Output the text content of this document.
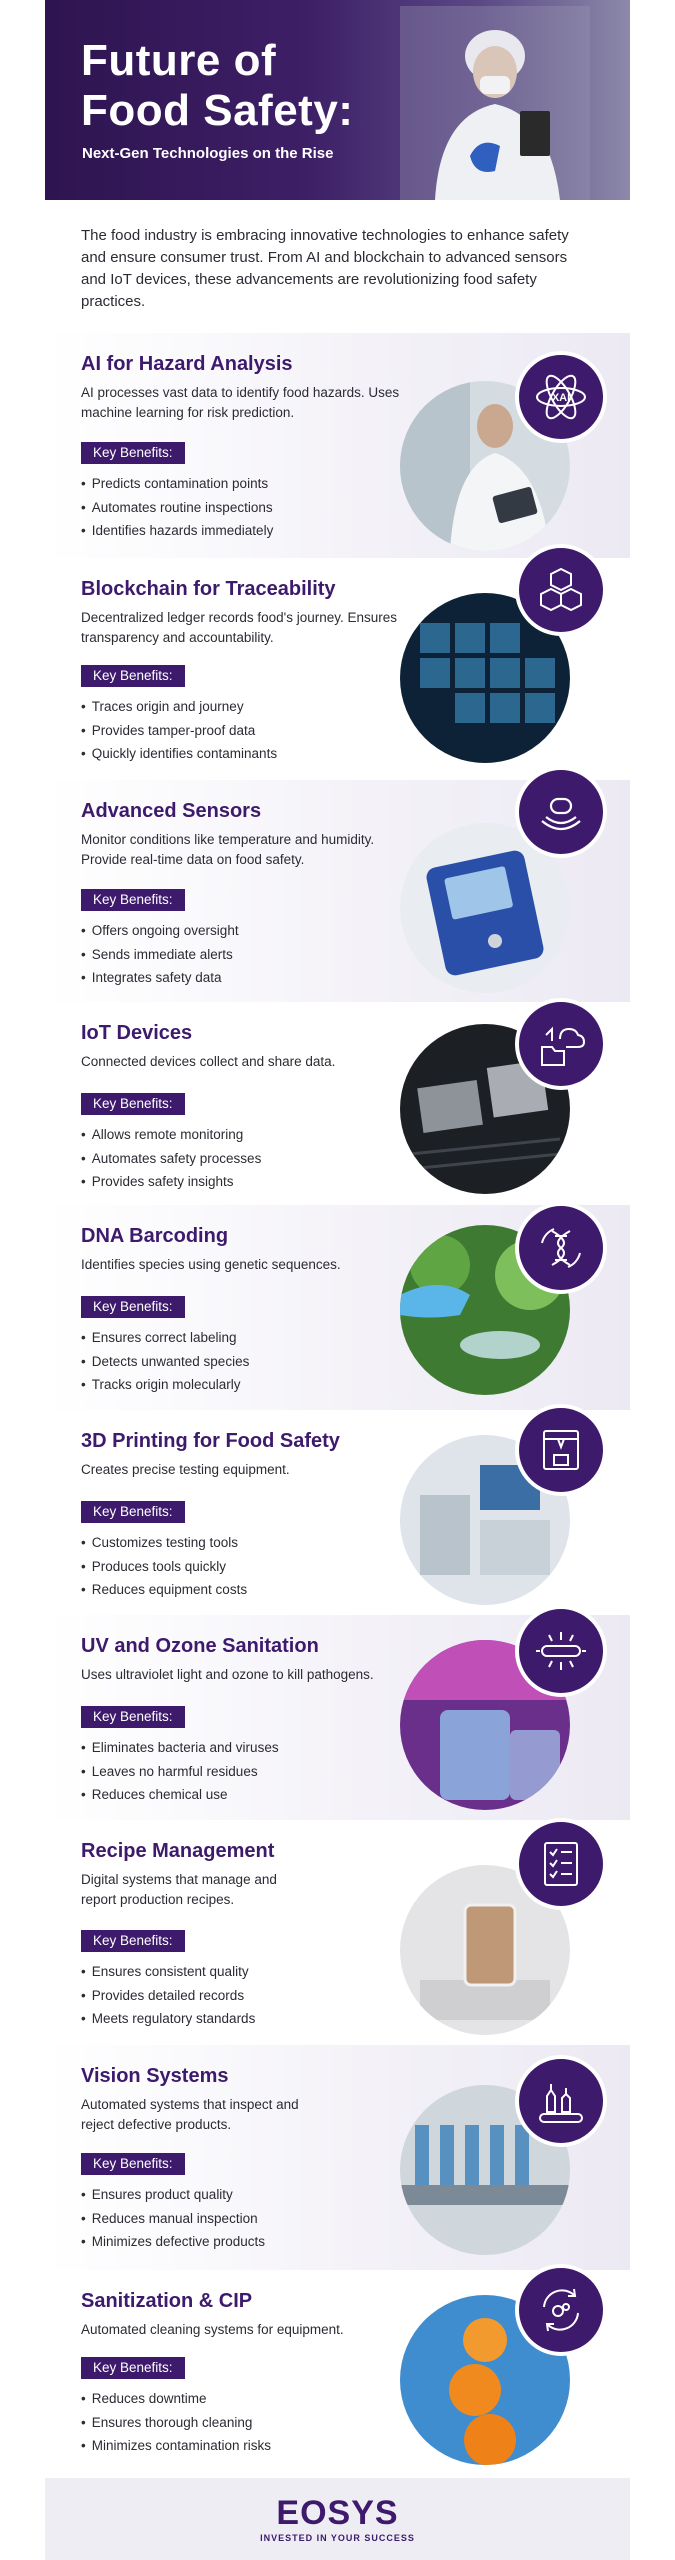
Future of
Food Safety:
Next-Gen Technologies on the Rise
The food industry is embracing innovative technologies to enhance safety and ensure consumer trust. From AI and blockchain to advanced sensors and IoT devices, these advancements are revolutionizing food safety practices.
AI for Hazard Analysis
AI processes vast data to identify food hazards. Uses machine learning for risk prediction.
Key Benefits:
• Predicts contamination points
• Automates routine inspections
• Identifies hazards immediately
XAI
Blockchain for Traceability
Decentralized ledger records food's journey. Ensures transparency and accountability.
Key Benefits:
• Traces origin and journey
• Provides tamper-proof data
• Quickly identifies contaminants
Advanced Sensors
Monitor conditions like temperature and humidity. Provide real-time data on food safety.
Key Benefits:
• Offers ongoing oversight
• Sends immediate alerts
• Integrates safety data
IoT Devices
Connected devices collect and share data.
Key Benefits:
• Allows remote monitoring
• Automates safety processes
• Provides safety insights
DNA Barcoding
Identifies species using genetic sequences.
Key Benefits:
• Ensures correct labeling
• Detects unwanted species
• Tracks origin molecularly
3D Printing for Food Safety
Creates precise testing equipment.
Key Benefits:
• Customizes testing tools
• Produces tools quickly
• Reduces equipment costs
UV and Ozone Sanitation
Uses ultraviolet light and ozone to kill pathogens.
Key Benefits:
• Eliminates bacteria and viruses
• Leaves no harmful residues
• Reduces chemical use
Recipe Management
Digital systems that manage and report production recipes.
Key Benefits:
• Ensures consistent quality
• Provides detailed records
• Meets regulatory standards
Vision Systems
Automated systems that inspect and reject defective products.
Key Benefits:
• Ensures product quality
• Reduces manual inspection
• Minimizes defective products
Sanitization & CIP
Automated cleaning systems for equipment.
Key Benefits:
• Reduces downtime
• Ensures thorough cleaning
• Minimizes contamination risks
EOSYS
INVESTED IN YOUR SUCCESS
